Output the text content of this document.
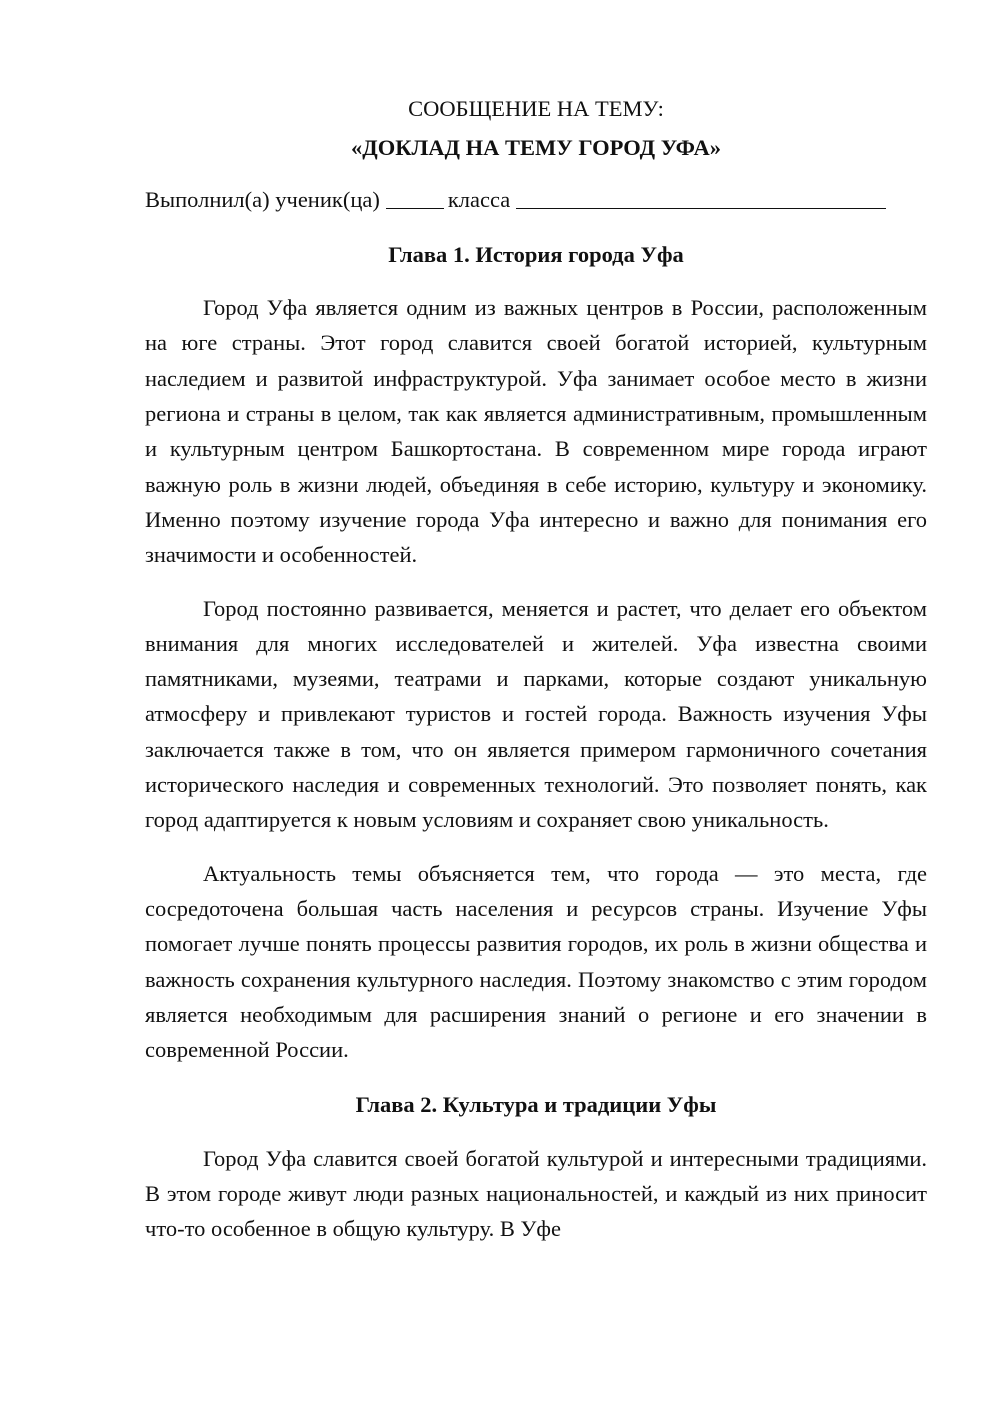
СООБЩЕНИЕ НА ТЕМУ:
«ДОКЛАД НА ТЕМУ ГОРОД УФА»
Выполнил(а) ученик(ца)	класса
Глава 1. История города Уфа

Город Уфа является одним из важных центров в России, расположенным на юге страны. Этот город славится своей богатой историей, культурным наследием и развитой инфраструктурой. Уфа занимает особое место в жизни региона и страны в целом, так как является административным, промышленным и культурным центром Башкортостана. В современном мире города играют важную роль в жизни людей, объединяя в себе историю, культуру и экономику. Именно поэтому изучение города Уфа интересно и важно для понимания его значимости и особенностей.

Город постоянно развивается, меняется и растет, что делает его объектом внимания для многих исследователей и жителей. Уфа известна своими памятниками, музеями, театрами и парками, которые создают уникальную атмосферу и привлекают туристов и гостей города. Важность изучения Уфы заключается также в том, что он является примером гармоничного сочетания исторического наследия и современных технологий. Это позволяет понять, как город адаптируется к новым условиям и сохраняет свою уникальность.

Актуальность темы объясняется тем, что города — это места, где сосредоточена большая часть населения и ресурсов страны. Изучение Уфы помогает лучше понять процессы развития городов, их роль в жизни общества и важность сохранения культурного наследия. Поэтому знакомство с этим городом является необходимым для расширения знаний о регионе и его значении в современной России.

Глава 2. Культура и традиции Уфы

Город Уфа славится своей богатой культурой и интересными традициями. В этом городе живут люди разных национальностей, и каждый из них приносит что-то особенное в общую культуру. В Уфе
